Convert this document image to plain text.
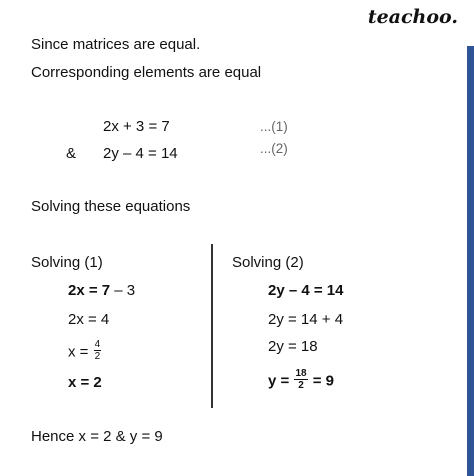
teachoo.
Since matrices are equal.
Corresponding elements are equal
2x + 3 = 7	...(1)
& 2y – 4 = 14	...(2)
Solving these equations
Solving (1)
2x = 7 – 3
2x = 4
$x = \frac{4}{2}$
x = 2
Solving (2)
2y – 4 = 14
2y = 14 + 4
2y = 18
$y = \frac{18}{2} = 9$
Hence x = 2 & y = 9
